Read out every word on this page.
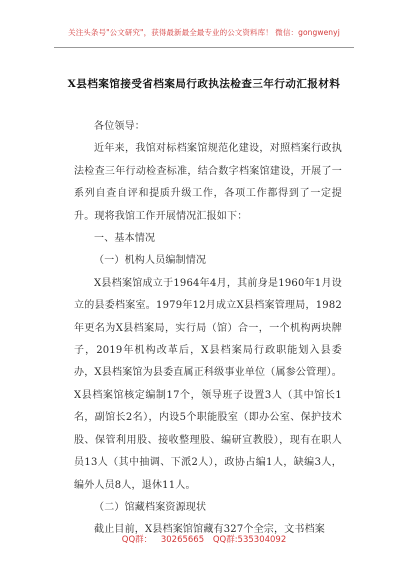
关注头条号"公文研究"，获得最新最全最专业的公文资料库！ 微信：gongwenyj
X县档案馆接受省档案局行政执法检查三年行动汇报材料

各位领导：

近年来，我馆对标档案馆规范化建设，对照档案行政执法检查三年行动检查标准，结合数字档案馆建设，开展了一系列自查自评和提质升级工作，各项工作都得到了一定提升。现将我馆工作开展情况汇报如下：

一、基本情况

（一）机构人员编制情况

X县档案馆成立于1964年4月，其前身是1960年1月设立的县委档案室。1979年12月成立X县档案管理局，1982年更名为X县档案局，实行局（馆）合一，一个机构两块牌子，2019年机构改革后，X县档案局行政职能划入县委办，X县档案馆为县委直属正科级事业单位（属参公管理）。X县档案馆核定编制17个，领导班子设置3人（其中馆长1名，副馆长2名），内设5个职能股室（即办公室、保护技术股、保管利用股、接收整理股、编研宣教股），现有在职人员13人（其中抽调、下派2人），政协占编1人，缺编3人，编外人员8人，退休11人。

（二）馆藏档案资源现状

截止目前，X县档案馆馆藏有327个全宗，文书档案

QQ群： 30265665 QQ群:535304092
